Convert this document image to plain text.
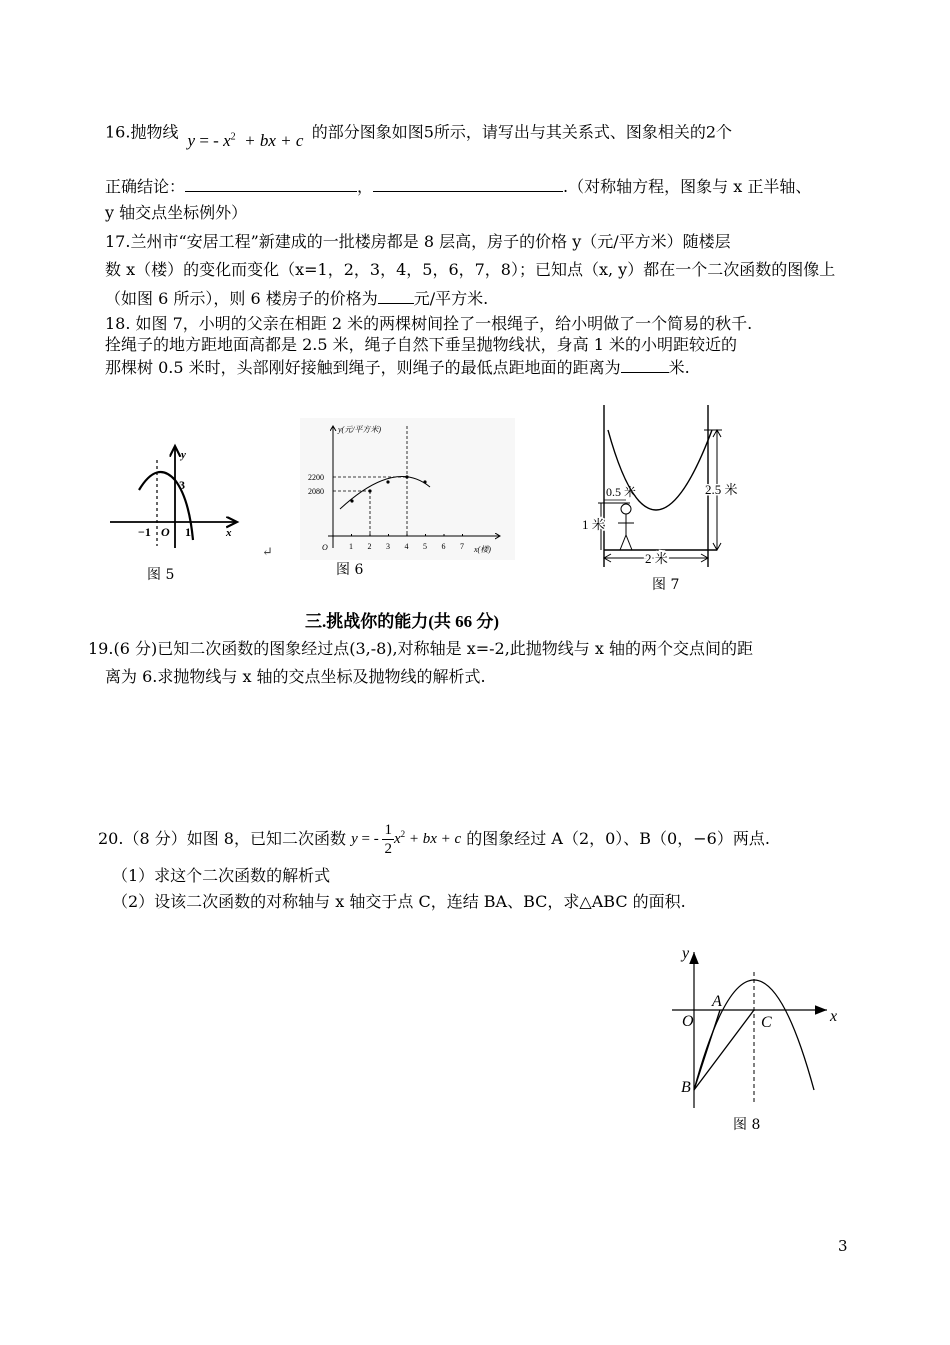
16.抛物线 y = - $x^2$  + bx + c 的部分图象如图5所示，请写出与其关系式、图象相关的2个
正确结论：	，	.（对称轴方程，图象与 x 正半轴、
y 轴交点坐标例外）
17.兰州市“安居工程”新建成的一批楼房都是 8 层高，房子的价格 y（元/平方米）随楼层
数 x（楼）的变化而变化（x=1，2，3，4，5，6，7，8）；已知点（x, y）都在一个二次函数的图像上
（如图 6 所示），则 6 楼房子的价格为 元/平方米.
18. 如图 7，小明的父亲在相距 2 米的两棵树间拴了一根绳子，给小明做了一个简易的秋千.
拴绳子的地方距地面高都是 2.5 米，绳子自然下垂呈抛物线状，身高 1 米的小明距较近的
那棵树 0.5 米时，头部刚好接触到绳子，则绳子的最低点距地面的距离为	米.
y
3
−1 O 1	x
图 5
↵
y(元/平方米)
x(楼)
O	1 2 3 4 5 6 7
2200
2080
图 6
2.5 米
1 米
0.5 米
2 米
图 7
三.挑战你的能力(共 66 分)
19.(6 分)已知二次函数的图象经过点(3,-8),对称轴是 x=-2,此抛物线与 x 轴的两个交点间的距
离为 6.求抛物线与 x 轴的交点坐标及抛物线的解析式.
20.（8 分）如图 8，已知二次函数 y = - $\frac{1}{2} x^2$ + bx + c 的图象经过 A（2，0）、B（0，−6）两点.
（1）求这个二次函数的解析式
（2）设该二次函数的对称轴与 x 轴交于点 C，连结 BA、BC，求△ABC 的面积.
y
x
A
O	C
B
图 8
3
